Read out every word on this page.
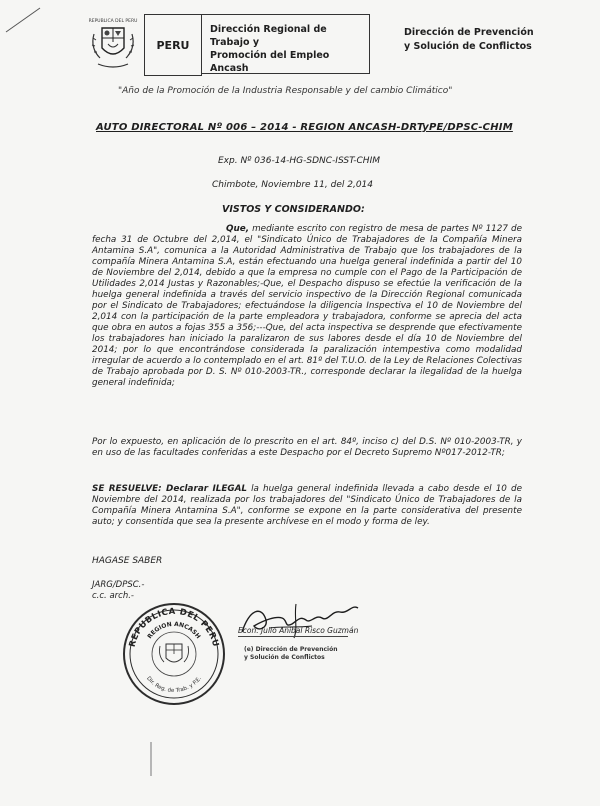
REPUBLICA DEL PERU
PERU
Dirección Regional de Trabajo y
Promoción del Empleo Ancash
Dirección de Prevención
y Solución de Conflictos
"Año de la Promoción de la Industria Responsable y del cambio Climático"
AUTO DIRECTORAL Nº 006 – 2014 - REGION ANCASH-DRTyPE/DPSC-CHIM
Exp. Nº 036-14-HG-SDNC-ISST-CHIM
Chimbote, Noviembre 11, del 2,014
VISTOS Y CONSIDERANDO:
Que, mediante escrito con registro de mesa de partes Nº 1127 de fecha 31 de Octubre del 2,014, el "Sindicato Único de Trabajadores de la Compañía Minera Antamina S.A", comunica a la Autoridad Administrativa de Trabajo que los trabajadores de la compañía Minera Antamina S.A, están efectuando una huelga general indefinida a partir del 10 de Noviembre del 2,014, debido a que la empresa no cumple con el Pago de la Participación de Utilidades 2,014 Justas y Razonables;-Que, el Despacho dispuso se efectúe la verificación de la huelga general indefinida a través del servicio inspectivo de la Dirección Regional comunicada por el Sindicato de Trabajadores; efectuándose la diligencia Inspectiva el 10 de Noviembre del 2,014 con la participación de la parte empleadora y trabajadora, conforme se aprecia del acta que obra en autos a fojas 355 a 356;---Que, del acta inspectiva se desprende que efectivamente los trabajadores han iniciado la paralizaron de sus labores desde el día 10 de Noviembre del 2014; por lo que encontrándose considerada la paralización intempestiva como modalidad irregular de acuerdo a lo contemplado en el art. 81º del T.U.O. de la Ley de Relaciones Colectivas de Trabajo aprobada por D. S. Nº 010-2003-TR., corresponde declarar la ilegalidad de la huelga general indefinida;
Por lo expuesto, en aplicación de lo prescrito en el art. 84º, inciso c) del D.S. Nº 010-2003-TR, y en uso de las facultades conferidas a este Despacho por el Decreto Supremo Nº017-2012-TR;
SE RESUELVE: Declarar ILEGAL la huelga general indefinida llevada a cabo desde el 10 de Noviembre del 2014, realizada por los trabajadores del "Sindicato Único de Trabajadores de la Compañía Minera Antamina S.A", conforme se expone en la parte considerativa del presente auto; y consentida que sea la presente archívese en el modo y forma de ley.
HAGASE SABER
JARG/DPSC.-
c.c. arch.-
REPUBLICA DEL PERU
REGION ANCASH
Dir. Reg. de Trab. y P.E.
Econ. Julio Aníbal Risco Guzmán
(e) Dirección de Prevención
y Solución de Conflictos
